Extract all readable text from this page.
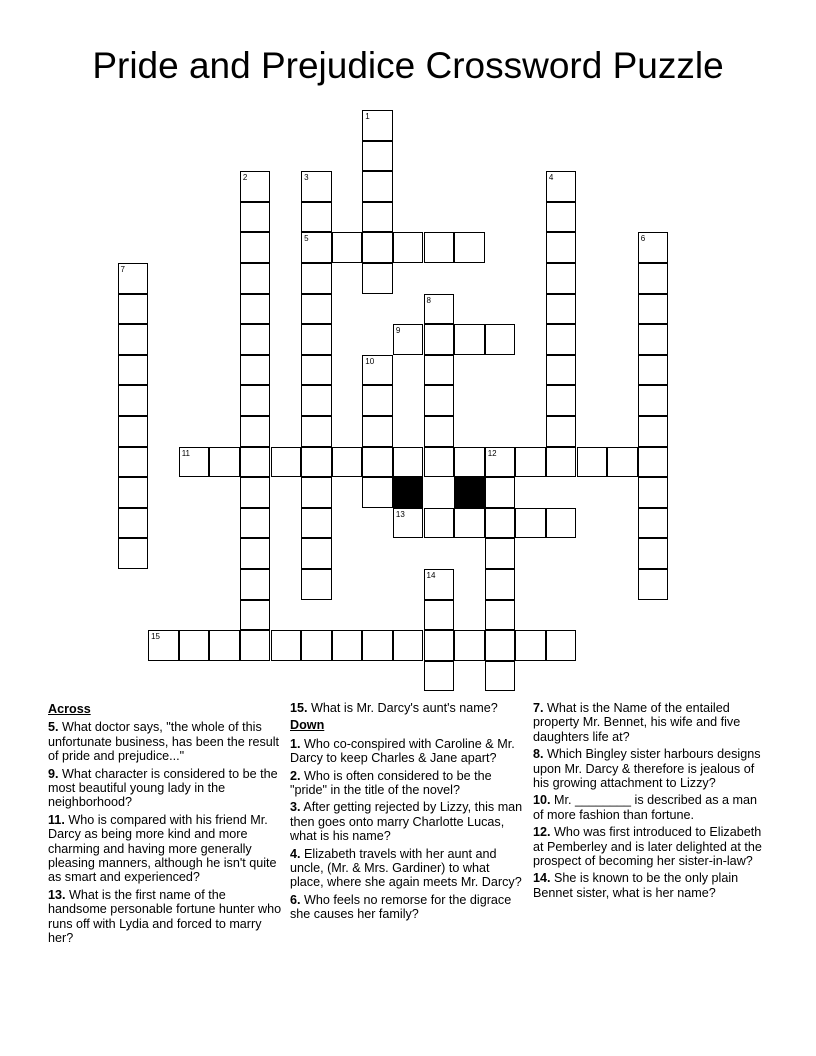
Pride and Prejudice Crossword Puzzle
1
2	3
5
4
6
7
8
9
10
11	12
13
14
15
Across
5. What doctor says, "the whole of this unfortunate business, has been the result of pride and prejudice..."
9. What character is considered to be the most beautiful young lady in the neighborhood?
11. Who is compared with his friend Mr. Darcy as being more kind and more charming and having more generally pleasing manners, although he isn't quite as smart and experienced?
13. What is the first name of the handsome personable fortune hunter who runs off with Lydia and forced to marry her?
15. What is Mr. Darcy's aunt's name?
Down
1. Who co-conspired with Caroline & Mr. Darcy to keep Charles & Jane apart?
2. Who is often considered to be the "pride" in the title of the novel?
3. After getting rejected by Lizzy, this man then goes onto marry Charlotte Lucas, what is his name?
4. Elizabeth travels with her aunt and uncle, (Mr. & Mrs. Gardiner) to what place, where she again meets Mr. Darcy?
6. Who feels no remorse for the digrace she causes her family?
7. What is the Name of the entailed property Mr. Bennet, his wife and five daughters life at?
8. Which Bingley sister harbours designs upon Mr. Darcy & therefore is jealous of his growing attachment to Lizzy?
10. Mr. ________ is described as a man of more fashion than fortune.
12. Who was first introduced to Elizabeth at Pemberley and is later delighted at the prospect of becoming her sister-in-law?
14. She is known to be the only plain Bennet sister, what is her name?
